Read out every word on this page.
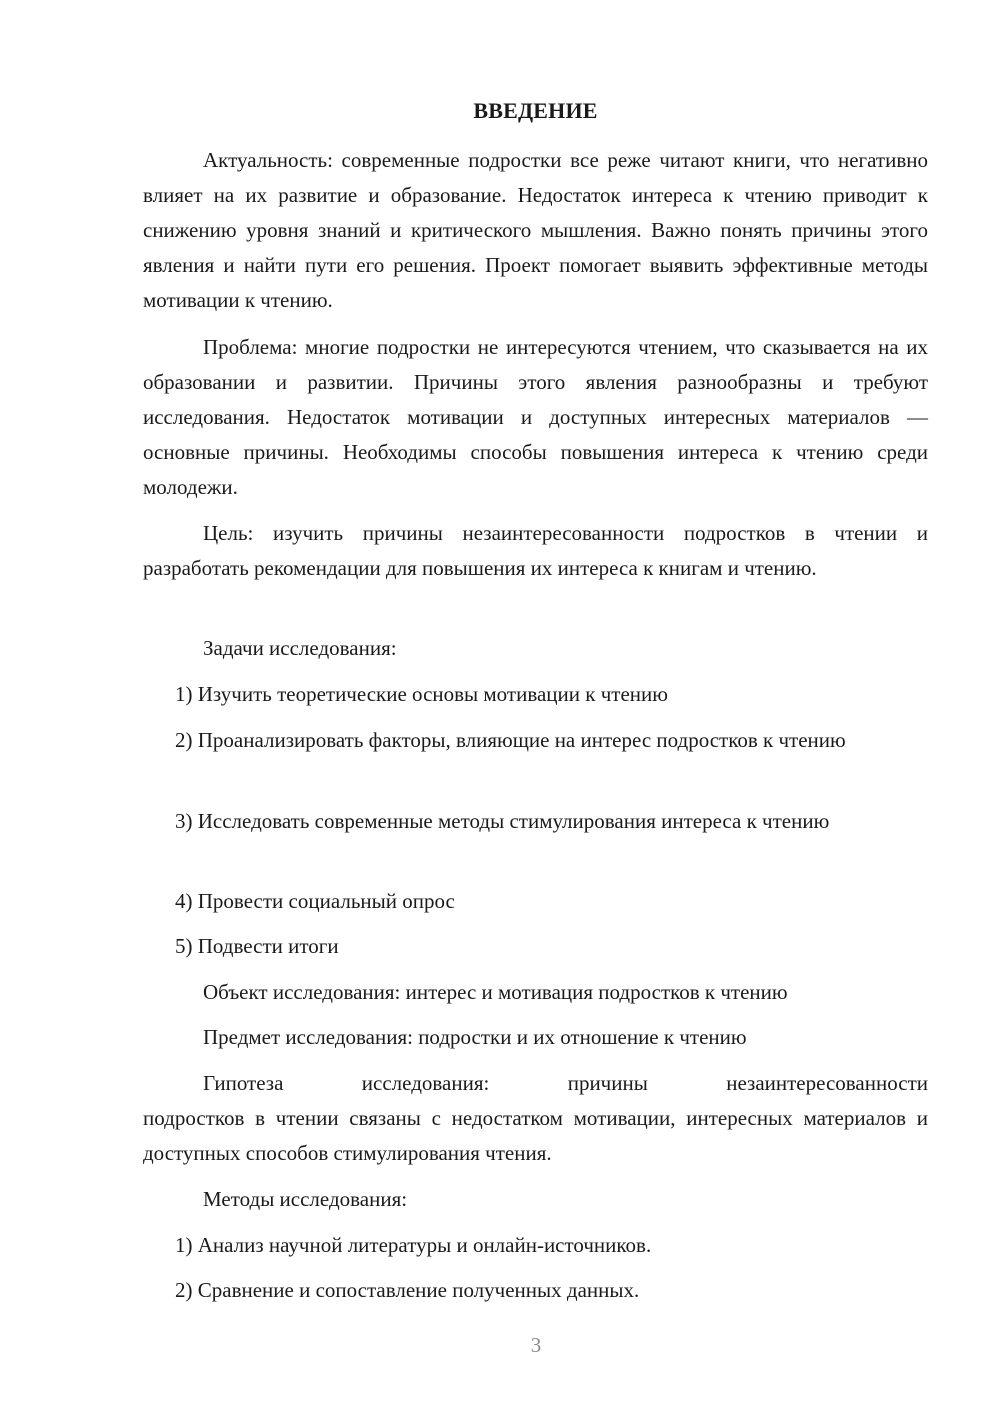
ВВЕДЕНИЕ

Актуальность: современные подростки все реже читают книги, что негативно влияет на их развитие и образование. Недостаток интереса к чтению приводит к снижению уровня знаний и критического мышления. Важно понять причины этого явления и найти пути его решения. Проект помогает выявить эффективные методы мотивации к чтению.

Проблема: многие подростки не интересуются чтением, что сказывается на их образовании и развитии. Причины этого явления разнообразны и требуют исследования. Недостаток мотивации и доступных интересных материалов — основные причины. Необходимы способы повышения интереса к чтению среди молодежи.

Цель: изучить причины незаинтересованности подростков в чтении и разработать рекомендации для повышения их интереса к книгам и чтению.

Задачи исследования:

1) Изучить теоретические основы мотивации к чтению

2) Проанализировать факторы, влияющие на интерес подростков к чтению

3) Исследовать современные методы стимулирования интереса к чтению

4) Провести социальный опрос

5) Подвести итоги

Объект исследования: интерес и мотивация подростков к чтению

Предмет исследования: подростки и их отношение к чтению

Гипотеза исследования: причины незаинтересованности

подростков в чтении связаны с недостатком мотивации, интересных материалов и доступных способов стимулирования чтения.

Методы исследования:

1) Анализ научной литературы и онлайн-источников.

2) Сравнение и сопоставление полученных данных.

3
